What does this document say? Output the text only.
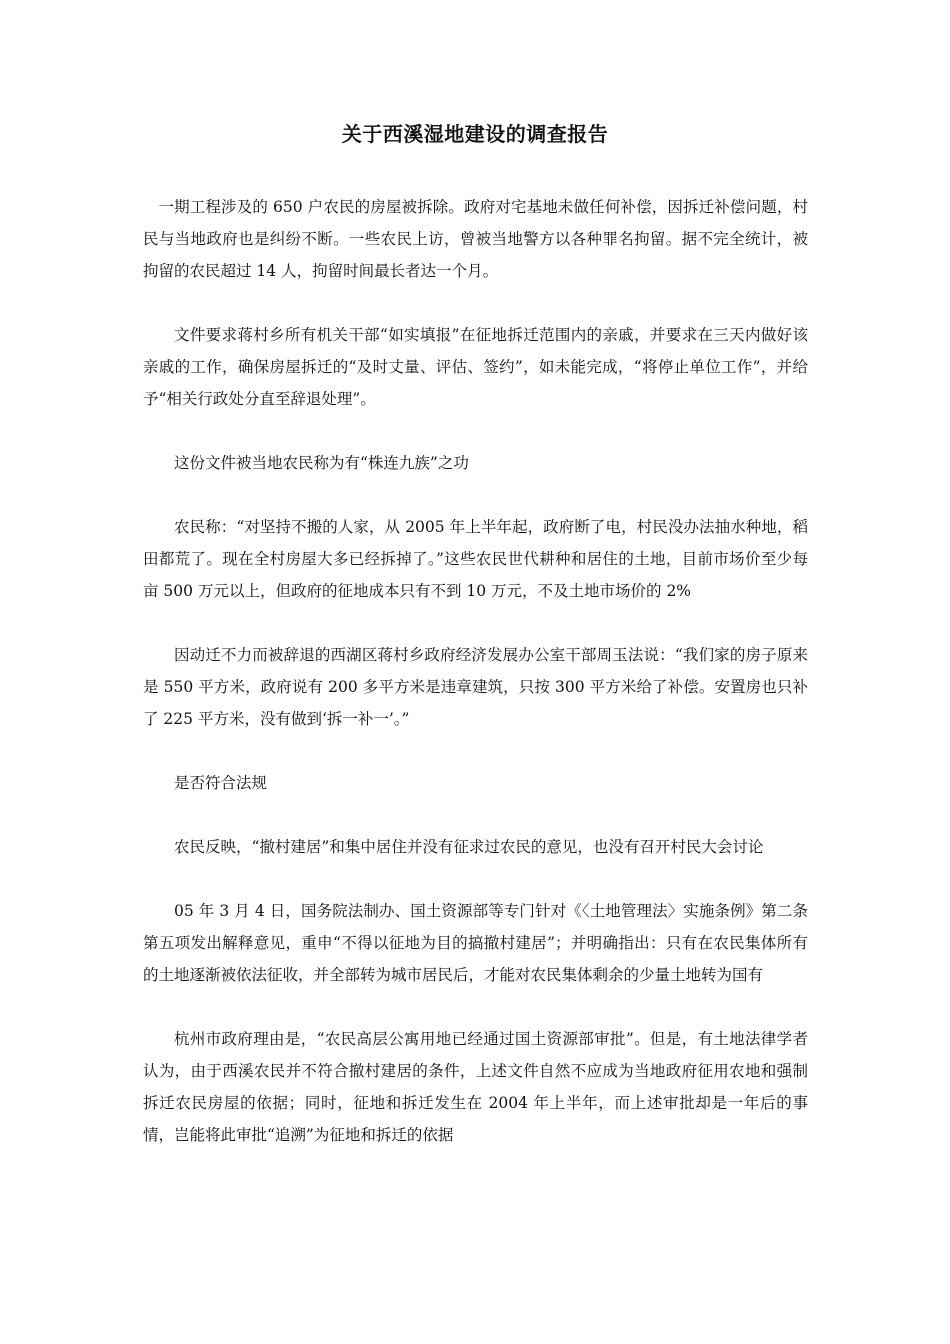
关于西溪湿地建设的调查报告

一期工程涉及的 650 户农民的房屋被拆除。政府对宅基地未做任何补偿，因拆迁补偿问题，村民与当地政府也是纠纷不断。一些农民上访，曾被当地警方以各种罪名拘留。据不完全统计，被拘留的农民超过 14 人，拘留时间最长者达一个月。

文件要求蒋村乡所有机关干部“如实填报”在征地拆迁范围内的亲戚，并要求在三天内做好该亲戚的工作，确保房屋拆迁的“及时丈量、评估、签约”，如未能完成，“将停止单位工作”，并给予“相关行政处分直至辞退处理”。

这份文件被当地农民称为有“株连九族”之功

农民称：“对坚持不搬的人家，从 2005 年上半年起，政府断了电，村民没办法抽水种地，稻田都荒了。现在全村房屋大多已经拆掉了。”这些农民世代耕种和居住的土地，目前市场价至少每亩 500 万元以上，但政府的征地成本只有不到 10 万元，不及土地市场价的 2%

因动迁不力而被辞退的西湖区蒋村乡政府经济发展办公室干部周玉法说：“我们家的房子原来是 550 平方米，政府说有 200 多平方米是违章建筑，只按 300 平方米给了补偿。安置房也只补了 225 平方米，没有做到‘拆一补一’。”

是否符合法规

农民反映，“撤村建居”和集中居住并没有征求过农民的意见，也没有召开村民大会讨论

05 年 3 月 4 日，国务院法制办、国土资源部等专门针对《〈土地管理法〉实施条例》第二条第五项发出解释意见，重申“不得以征地为目的搞撤村建居”；并明确指出：只有在农民集体所有的土地逐渐被依法征收，并全部转为城市居民后，才能对农民集体剩余的少量土地转为国有

杭州市政府理由是，“农民高层公寓用地已经通过国土资源部审批”。但是，有土地法律学者认为，由于西溪农民并不符合撤村建居的条件，上述文件自然不应成为当地政府征用农地和强制拆迁农民房屋的依据；同时，征地和拆迁发生在 2004 年上半年，而上述审批却是一年后的事情，岂能将此审批“追溯”为征地和拆迁的依据
